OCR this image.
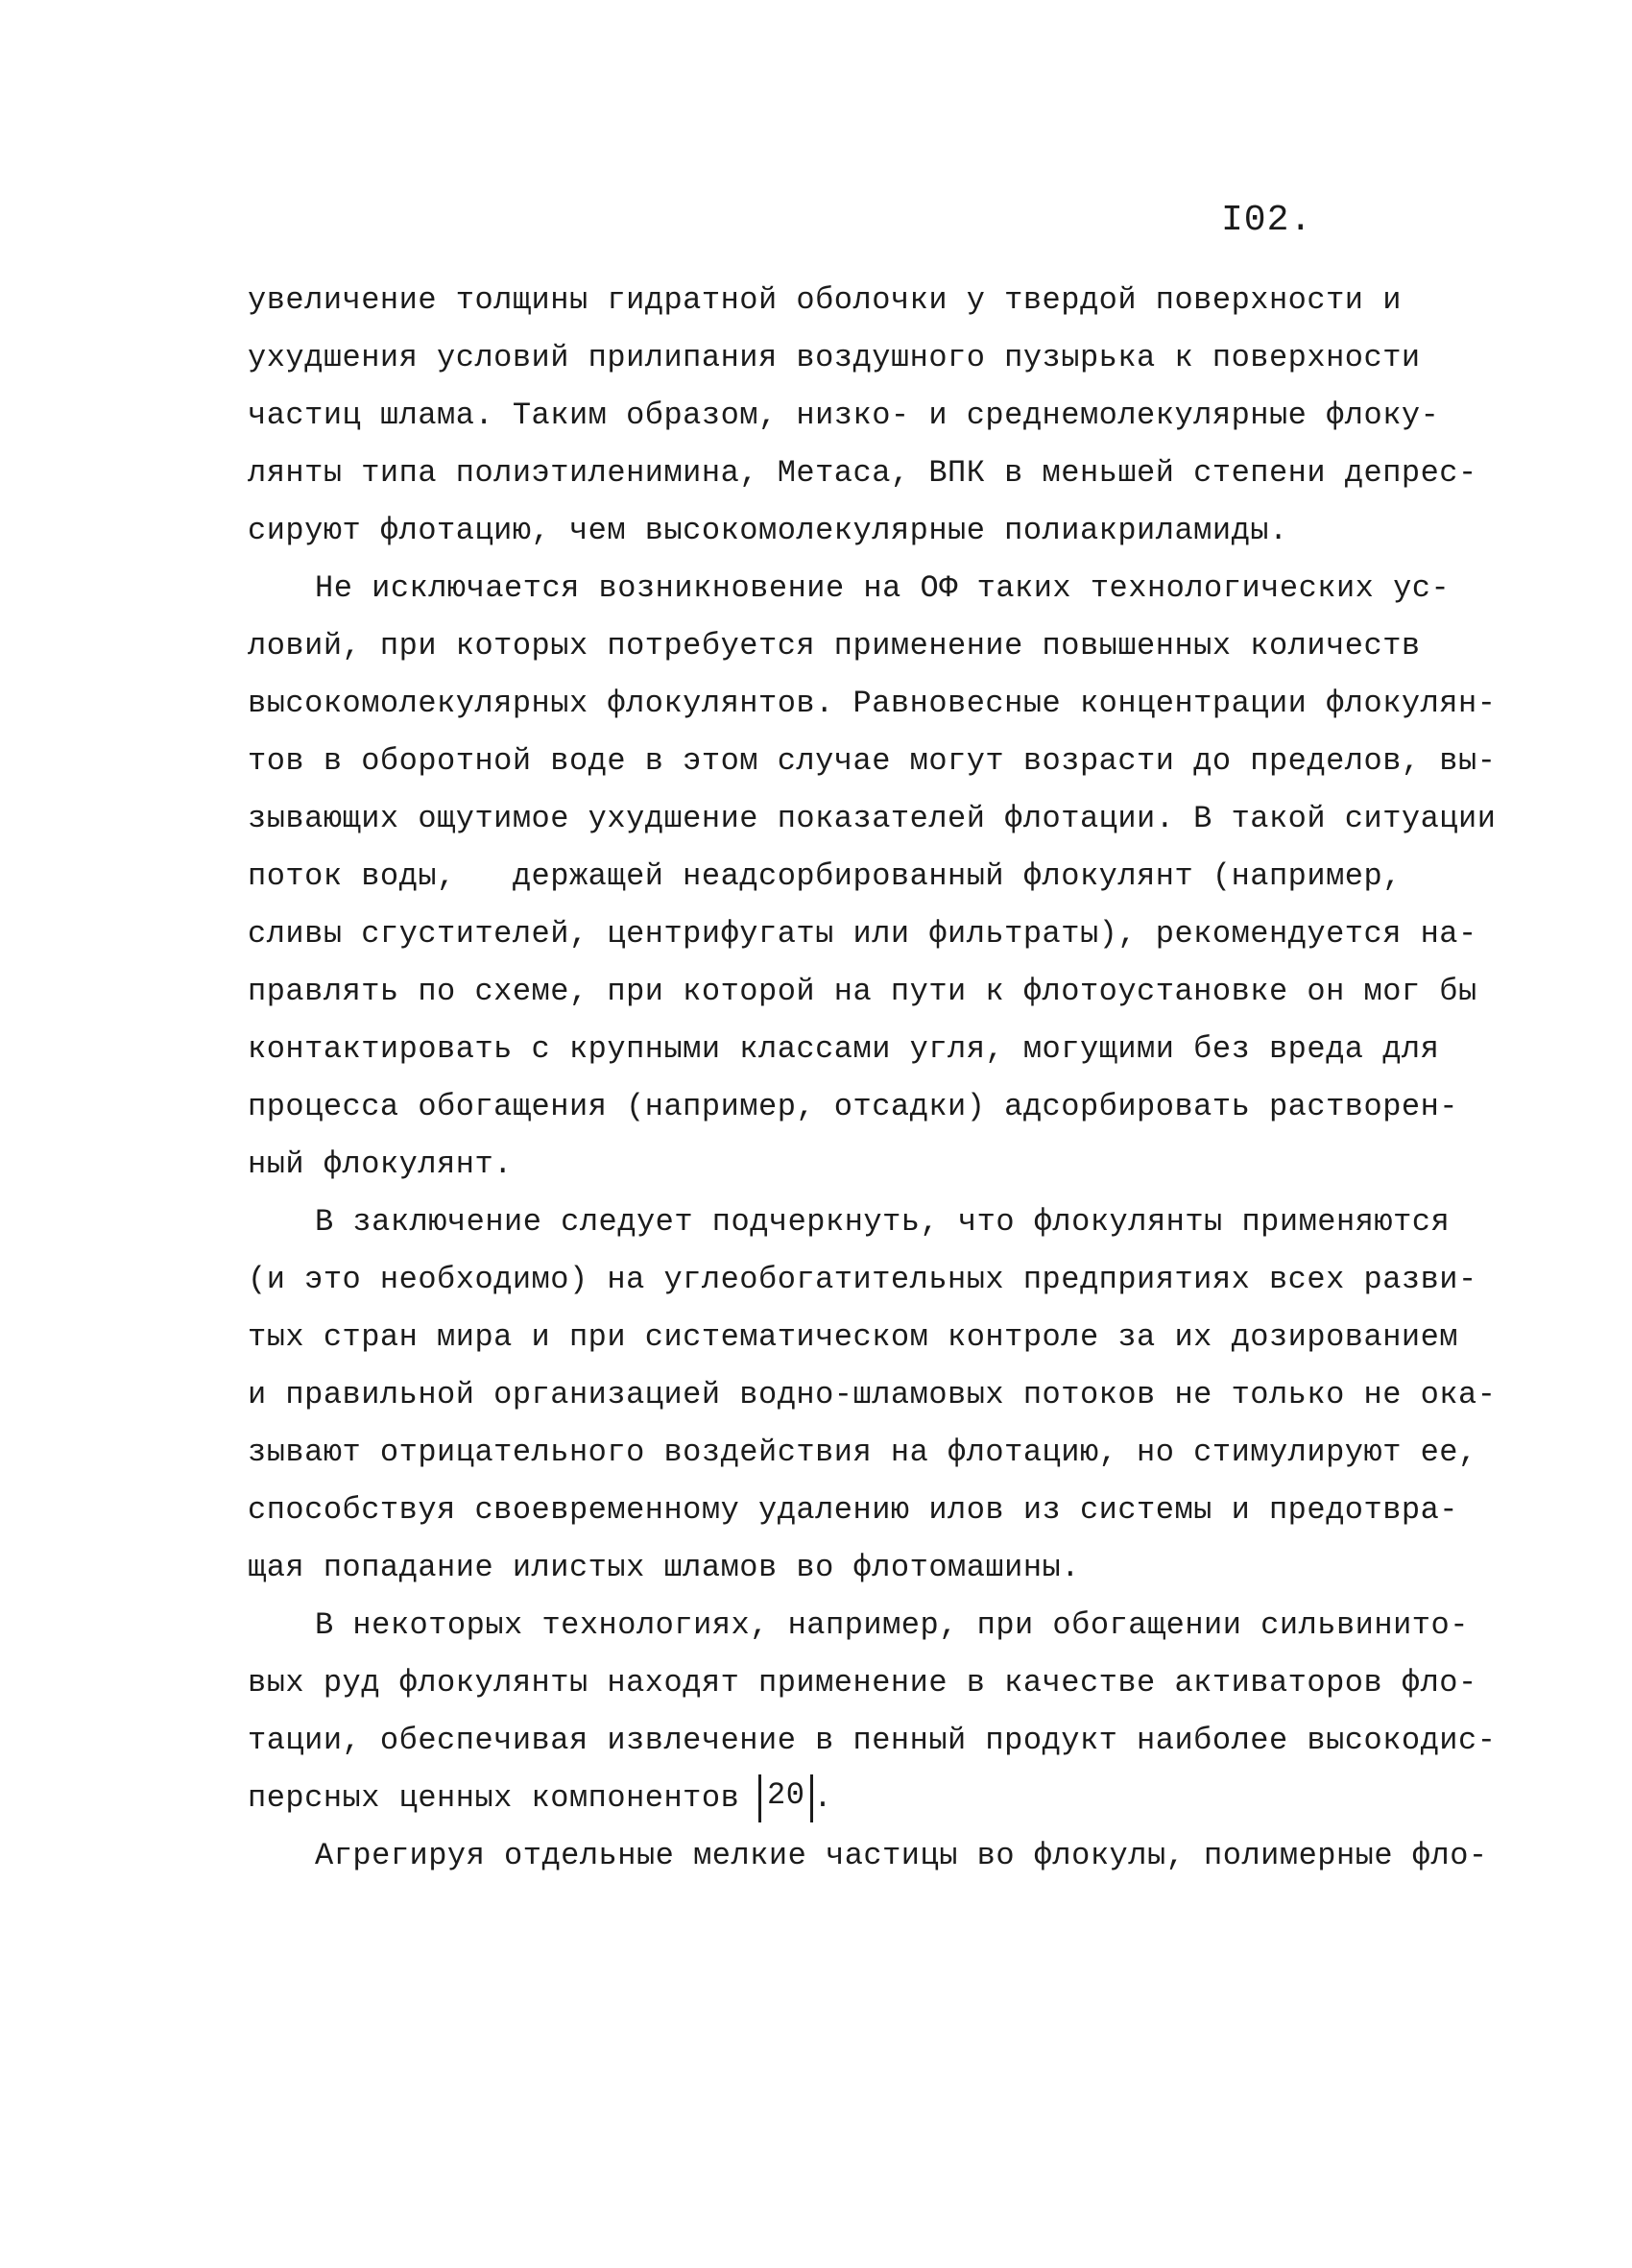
I02.
увеличение толщины гидратной оболочки у твердой поверхности и
ухудшения условий прилипания воздушного пузырька к поверхности
частиц шлама. Таким образом, низко- и среднемолекулярные флоку-
лянты типа полиэтиленимина, Метаса, ВПК в меньшей степени депрес-
сируют флотацию, чем высокомолекулярные полиакриламиды.
Не исключается возникновение на ОФ таких технологических ус-
ловий, при которых потребуется применение повышенных количеств
высокомолекулярных флокулянтов. Равновесные концентрации флокулян-
тов в оборотной воде в этом случае могут возрасти до пределов, вы-
зывающих ощутимое ухудшение показателей флотации. В такой ситуации
поток воды,   держащей неадсорбированный флокулянт (например,
сливы сгустителей, центрифугаты или фильтраты), рекомендуется на-
правлять по схеме, при которой на пути к флотоустановке он мог бы
контактировать с крупными классами угля, могущими без вреда для
процесса обогащения (например, отсадки) адсорбировать растворен-
ный флокулянт.
В заключение следует подчеркнуть, что флокулянты применяются
(и это необходимо) на углеобогатительных предприятиях всех разви-
тых стран мира и при систематическом контроле за их дозированием
и правильной организацией водно-шламовых потоков не только не ока-
зывают отрицательного воздействия на флотацию, но стимулируют ее,
способствуя своевременному удалению илов из системы и предотвра-
щая попадание илистых шламов во флотомашины.
В некоторых технологиях, например, при обогащении сильвинито-
вых руд флокулянты находят применение в качестве активаторов фло-
тации, обеспечивая извлечение в пенный продукт наиболее высокодис-
персных ценных компонентов 20 .
Агрегируя отдельные мелкие частицы во флокулы, полимерные фло-
